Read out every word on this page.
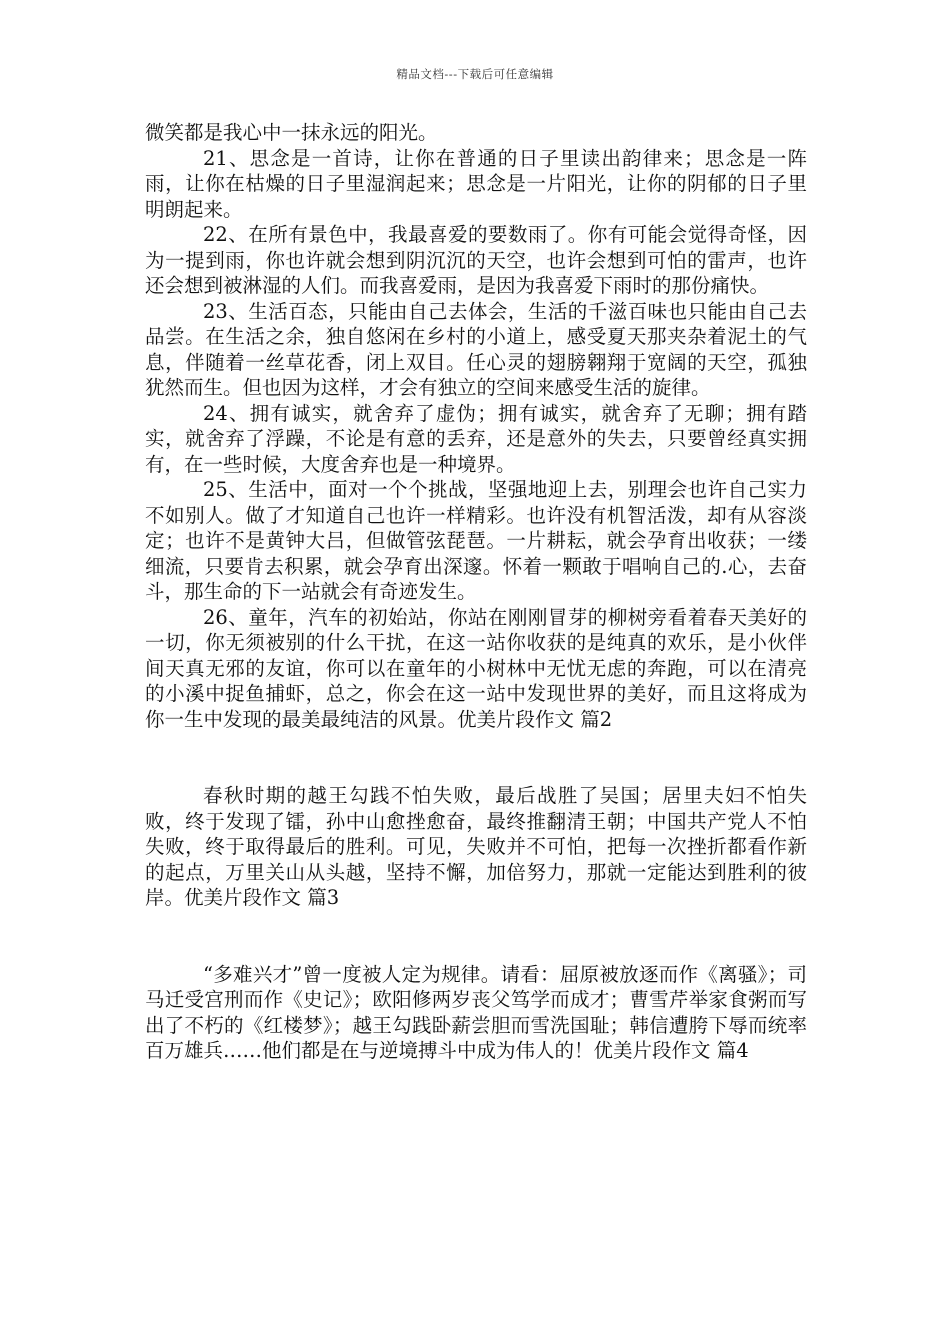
精品文档---下载后可任意编辑

微笑都是我心中一抹永远的阳光。

21、思念是一首诗，让你在普通的日子里读出韵律来；思念是一阵雨，让你在枯燥的日子里湿润起来；思念是一片阳光，让你的阴郁的日子里明朗起来。

22、在所有景色中，我最喜爱的要数雨了。你有可能会觉得奇怪，因为一提到雨，你也许就会想到阴沉沉的天空，也许会想到可怕的雷声，也许还会想到被淋湿的人们。而我喜爱雨，是因为我喜爱下雨时的那份痛快。

23、生活百态，只能由自己去体会，生活的千滋百味也只能由自己去品尝。在生活之余，独自悠闲在乡村的小道上，感受夏天那夹杂着泥土的气息，伴随着一丝草花香，闭上双目。任心灵的翅膀翱翔于宽阔的天空，孤独犹然而生。但也因为这样，才会有独立的空间来感受生活的旋律。

24、拥有诚实，就舍弃了虚伪；拥有诚实，就舍弃了无聊；拥有踏实，就舍弃了浮躁，不论是有意的丢弃，还是意外的失去，只要曾经真实拥有，在一些时候，大度舍弃也是一种境界。

25、生活中，面对一个个挑战，坚强地迎上去，别理会也许自己实力不如别人。做了才知道自己也许一样精彩。也许没有机智活泼，却有从容淡定；也许不是黄钟大吕，但做管弦琵琶。一片耕耘，就会孕育出收获；一缕细流，只要肯去积累，就会孕育出深邃。怀着一颗敢于唱响自己的.心，去奋斗，那生命的下一站就会有奇迹发生。

26、童年，汽车的初始站，你站在刚刚冒芽的柳树旁看着春天美好的一切，你无须被别的什么干扰，在这一站你收获的是纯真的欢乐，是小伙伴间天真无邪的友谊，你可以在童年的小树林中无忧无虑的奔跑，可以在清亮的小溪中捉鱼捕虾，总之，你会在这一站中发现世界的美好，而且这将成为你一生中发现的最美最纯洁的风景。优美片段作文 篇2

春秋时期的越王勾践不怕失败，最后战胜了吴国；居里夫妇不怕失败，终于发现了镭，孙中山愈挫愈奋，最终推翻清王朝；中国共产党人不怕失败，终于取得最后的胜利。可见，失败并不可怕，把每一次挫折都看作新的起点，万里关山从头越，坚持不懈，加倍努力，那就一定能达到胜利的彼岸。优美片段作文 篇3

“多难兴才”曾一度被人定为规律。请看：屈原被放逐而作《离骚》；司马迁受宫刑而作《史记》；欧阳修两岁丧父笃学而成才；曹雪芹举家食粥而写出了不朽的《红楼梦》；越王勾践卧薪尝胆而雪洗国耻；韩信遭胯下辱而统率百万雄兵……他们都是在与逆境搏斗中成为伟人的！优美片段作文 篇4
